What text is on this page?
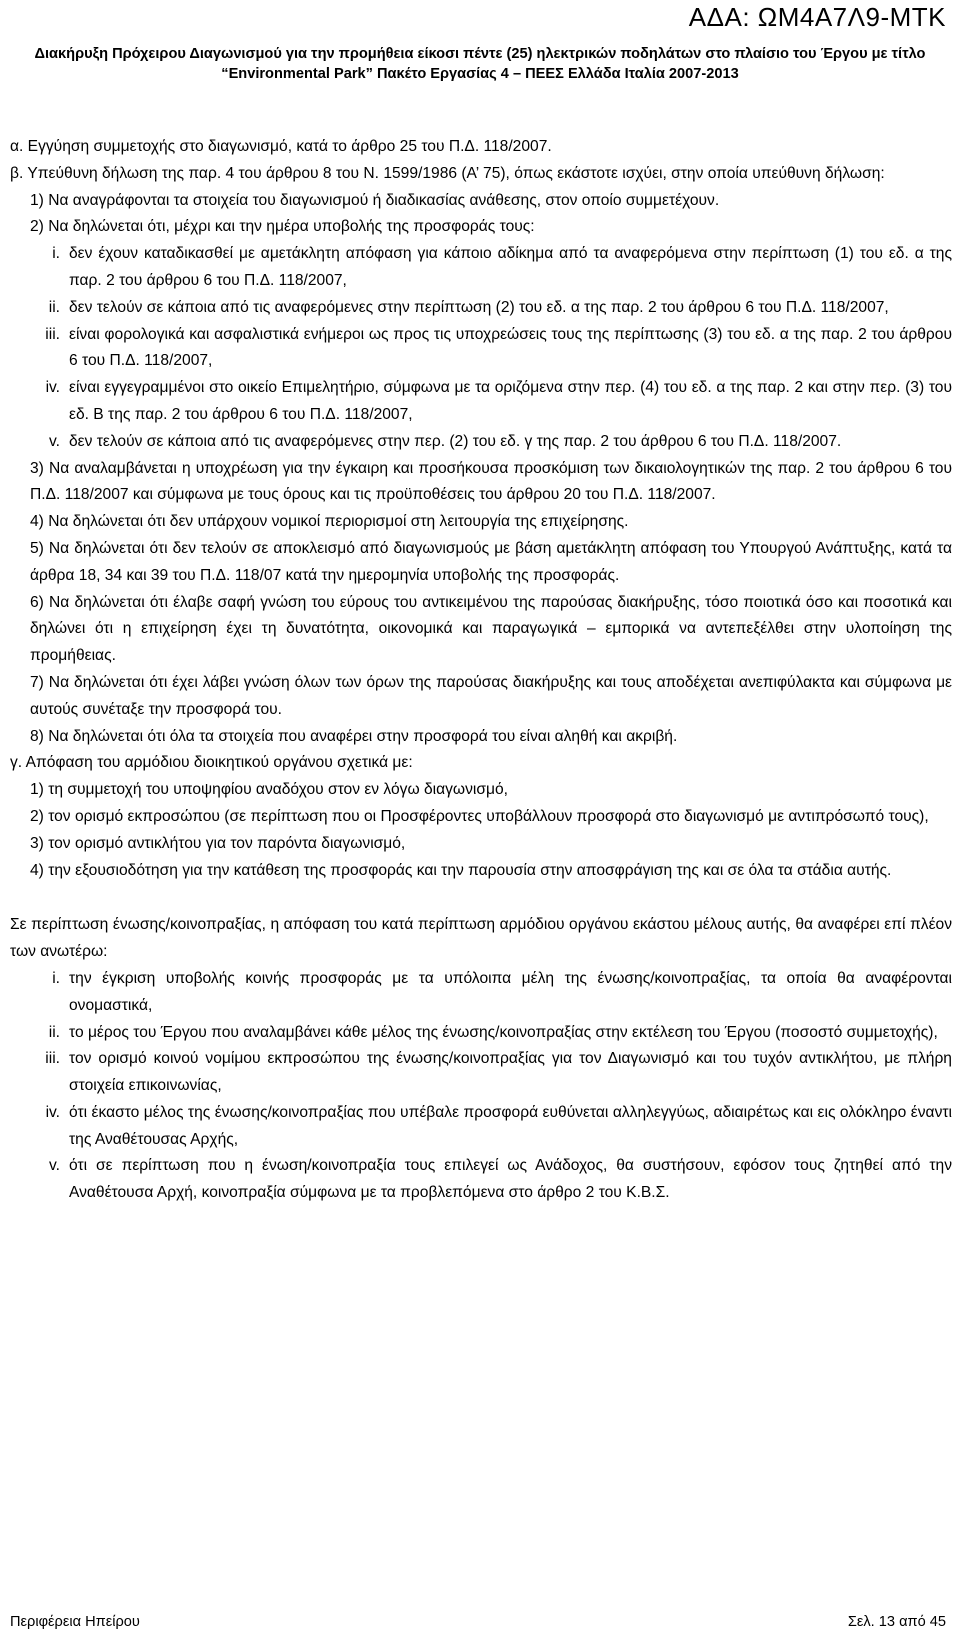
ΑΔΑ: ΩΜ4Α7Λ9-ΜΤΚ
Διακήρυξη Πρόχειρου Διαγωνισμού για την προμήθεια είκοσι πέντε (25) ηλεκτρικών ποδηλάτων στο πλαίσιο του Έργου με τίτλο
“Environmental Park” Πακέτο Εργασίας 4 – ΠΕΕΣ Ελλάδα Ιταλία 2007-2013

α. Εγγύηση συμμετοχής στο διαγωνισμό, κατά το άρθρο 25 του Π.Δ. 118/2007.

β. Υπεύθυνη δήλωση της παρ. 4 του άρθρου 8 του Ν. 1599/1986 (Α’ 75), όπως εκάστοτε ισχύει, στην οποία υπεύθυνη δήλωση:

1) Να αναγράφονται τα στοιχεία του διαγωνισμού ή διαδικασίας ανάθεσης, στον οποίο συμμετέχουν.

2) Να δηλώνεται ότι, μέχρι και την ημέρα υποβολής της προσφοράς τους:

i. δεν έχουν καταδικασθεί με αμετάκλητη απόφαση για κάποιο αδίκημα από τα αναφερόμενα στην περίπτωση (1) του εδ. α της παρ. 2 του άρθρου 6 του Π.Δ. 118/2007,
ii. δεν τελούν σε κάποια από τις αναφερόμενες στην περίπτωση (2) του εδ. α της παρ. 2 του άρθρου 6 του Π.Δ. 118/2007,
iii. είναι φορολογικά και ασφαλιστικά ενήμεροι ως προς τις υποχρεώσεις τους της περίπτωσης (3) του εδ. α της παρ. 2 του άρθρου 6 του Π.Δ. 118/2007,
iv. είναι εγγεγραμμένοι στο οικείο Επιμελητήριο, σύμφωνα με τα οριζόμενα στην περ. (4) του εδ. α της παρ. 2 και στην περ. (3) του εδ. Β της παρ. 2 του άρθρου 6 του Π.Δ. 118/2007,
v. δεν τελούν σε κάποια από τις αναφερόμενες στην περ. (2) του εδ. γ της παρ. 2 του άρθρου 6 του Π.Δ. 118/2007.

3) Να αναλαμβάνεται η υποχρέωση για την έγκαιρη και προσήκουσα προσκόμιση των δικαιολογητικών της παρ. 2 του άρθρου 6 του Π.Δ. 118/2007 και σύμφωνα με τους όρους και τις προϋποθέσεις του άρθρου 20 του Π.Δ. 118/2007.

4) Να δηλώνεται ότι δεν υπάρχουν νομικοί περιορισμοί στη λειτουργία της επιχείρησης.

5) Να δηλώνεται ότι δεν τελούν σε αποκλεισμό από διαγωνισμούς με βάση αμετάκλητη απόφαση του Υπουργού Ανάπτυξης, κατά τα άρθρα 18, 34 και 39 του Π.Δ. 118/07 κατά την ημερομηνία υποβολής της προσφοράς.

6) Να δηλώνεται ότι έλαβε σαφή γνώση του εύρους του αντικειμένου της παρούσας διακήρυξης, τόσο ποιοτικά όσο και ποσοτικά και δηλώνει ότι η επιχείρηση έχει τη δυνατότητα, οικονομικά και παραγωγικά – εμπορικά να αντεπεξέλθει στην υλοποίηση της προμήθειας.

7) Να δηλώνεται ότι έχει λάβει γνώση όλων των όρων της παρούσας διακήρυξης και τους αποδέχεται ανεπιφύλακτα και σύμφωνα με αυτούς συνέταξε την προσφορά του.

8) Να δηλώνεται ότι όλα τα στοιχεία που αναφέρει στην προσφορά του είναι αληθή και ακριβή.

γ. Απόφαση του αρμόδιου διοικητικού οργάνου σχετικά με:

1) τη συμμετοχή του υποψηφίου αναδόχου στον εν λόγω διαγωνισμό,

2) τον ορισμό εκπροσώπου (σε περίπτωση που οι Προσφέροντες υποβάλλουν προσφορά στο διαγωνισμό με αντιπρόσωπό τους),

3) τον ορισμό αντικλήτου για τον παρόντα διαγωνισμό,

4) την εξουσιοδότηση για την κατάθεση της προσφοράς και την παρουσία στην αποσφράγιση της και σε όλα τα στάδια αυτής.

Σε περίπτωση ένωσης/κοινοπραξίας, η απόφαση του κατά περίπτωση αρμόδιου οργάνου εκάστου μέλους αυτής, θα αναφέρει επί πλέον των ανωτέρω:

i. την έγκριση υποβολής κοινής προσφοράς με τα υπόλοιπα μέλη της ένωσης/κοινοπραξίας, τα οποία θα αναφέρονται ονομαστικά,
ii. το μέρος του Έργου που αναλαμβάνει κάθε μέλος της ένωσης/κοινοπραξίας στην εκτέλεση του Έργου (ποσοστό συμμετοχής),
iii. τον ορισμό κοινού νομίμου εκπροσώπου της ένωσης/κοινοπραξίας για τον Διαγωνισμό και του τυχόν αντικλήτου, με πλήρη στοιχεία επικοινωνίας,
iv. ότι έκαστο μέλος της ένωσης/κοινοπραξίας που υπέβαλε προσφορά ευθύνεται αλληλεγγύως, αδιαιρέτως και εις ολόκληρο έναντι της Αναθέτουσας Αρχής,
v. ότι σε περίπτωση που η ένωση/κοινοπραξία τους επιλεγεί ως Ανάδοχος, θα συστήσουν, εφόσον τους ζητηθεί από την Αναθέτουσα Αρχή, κοινοπραξία σύμφωνα με τα προβλεπόμενα στο άρθρο 2 του Κ.Β.Σ.
Περιφέρεια Ηπείρου	Σελ. 13 από 45
